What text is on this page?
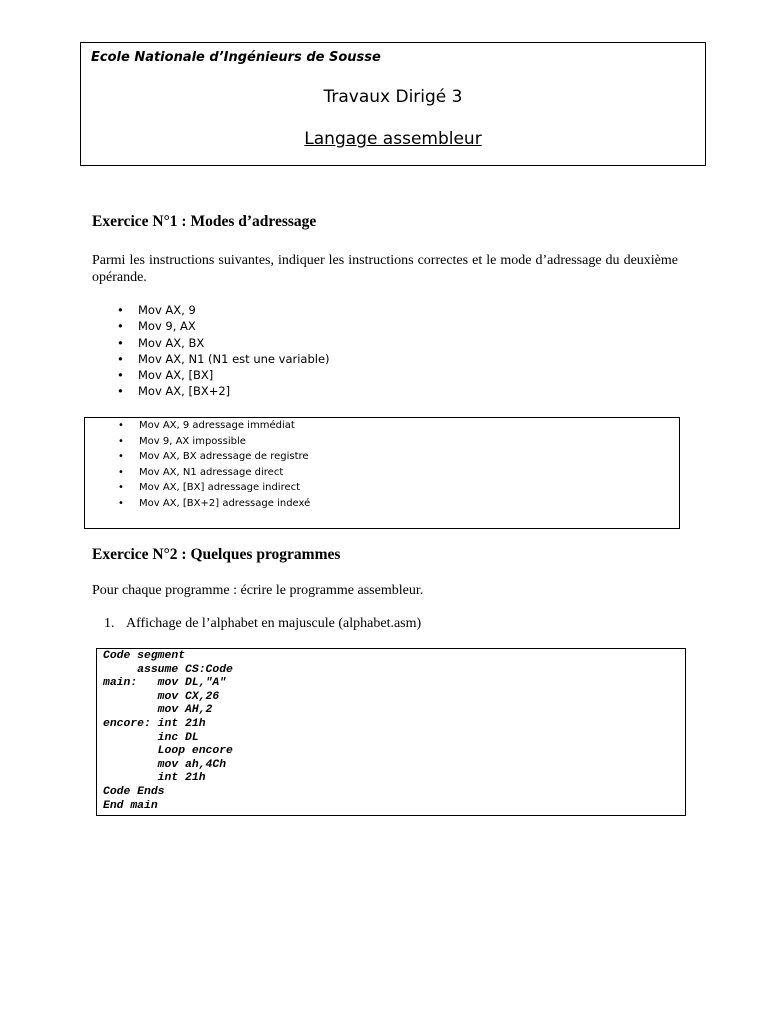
Ecole Nationale d’Ingénieurs de Sousse
Travaux Dirigé 3
Langage assembleur
Exercice N°1 : Modes d’adressage
Parmi les instructions suivantes, indiquer les instructions correctes et le mode d’adressage du deuxième opérande.
• Mov AX, 9
• Mov 9, AX
• Mov AX, BX
• Mov AX, N1 (N1 est une variable)
• Mov AX, [BX]
• Mov AX, [BX+2]
• Mov AX, 9 adressage immédiat
• Mov 9, AX impossible
• Mov AX, BX adressage de registre
• Mov AX, N1 adressage direct
• Mov AX, [BX] adressage indirect
• Mov AX, [BX+2] adressage indexé
Exercice N°2 : Quelques programmes
Pour chaque programme : écrire le programme assembleur.
1. Affichage de l’alphabet en majuscule (alphabet.asm)
Code segment
assume CS:Code
main:   mov DL,"A"
mov CX,26
mov AH,2
encore: int 21h
inc DL
Loop encore
mov ah,4Ch
int 21h
Code Ends
End main
